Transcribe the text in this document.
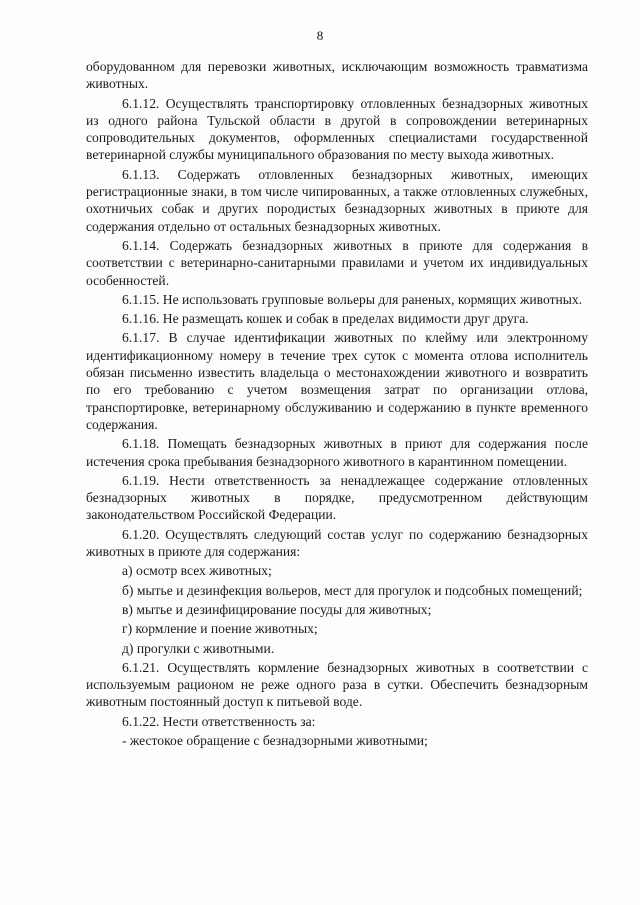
8

оборудованном для перевозки животных, исключающим возможность травматизма животных.

6.1.12. Осуществлять транспортировку отловленных безнадзорных животных из одного района Тульской области в другой в сопровождении ветеринарных сопроводительных документов, оформленных специалистами государственной ветеринарной службы муниципального образования по месту выхода животных.

6.1.13. Содержать отловленных безнадзорных животных, имеющих регистрационные знаки, в том числе чипированных, а также отловленных служебных, охотничьих собак и других породистых безнадзорных животных в приюте для содержания отдельно от остальных безнадзорных животных.

6.1.14. Содержать безнадзорных животных в приюте для содержания в соответствии с ветеринарно-санитарными правилами и учетом их индивидуальных особенностей.

6.1.15. Не использовать групповые вольеры для раненых, кормящих животных.

6.1.16. Не размещать кошек и собак в пределах видимости друг друга.

6.1.17. В случае идентификации животных по клейму или электронному идентификационному номеру в течение трех суток с момента отлова исполнитель обязан письменно известить владельца о местонахождении животного и возвратить по его требованию с учетом возмещения затрат по организации отлова, транспортировке, ветеринарному обслуживанию и содержанию в пункте временного содержания.

6.1.18. Помещать безнадзорных животных в приют для содержания после истечения срока пребывания безнадзорного животного в карантинном помещении.

6.1.19. Нести ответственность за ненадлежащее содержание отловленных безнадзорных животных в порядке, предусмотренном действующим законодательством Российской Федерации.

6.1.20. Осуществлять следующий состав услуг по содержанию безнадзорных животных в приюте для содержания:

а) осмотр всех животных;

б) мытье и дезинфекция вольеров, мест для прогулок и подсобных помещений;

в) мытье и дезинфицирование посуды для животных;

г) кормление и поение животных;

д) прогулки с животными.

6.1.21. Осуществлять кормление безнадзорных животных в соответствии с используемым рационом не реже одного раза в сутки. Обеспечить безнадзорным животным постоянный доступ к питьевой воде.

6.1.22. Нести ответственность за:

- жестокое обращение с безнадзорными животными;
